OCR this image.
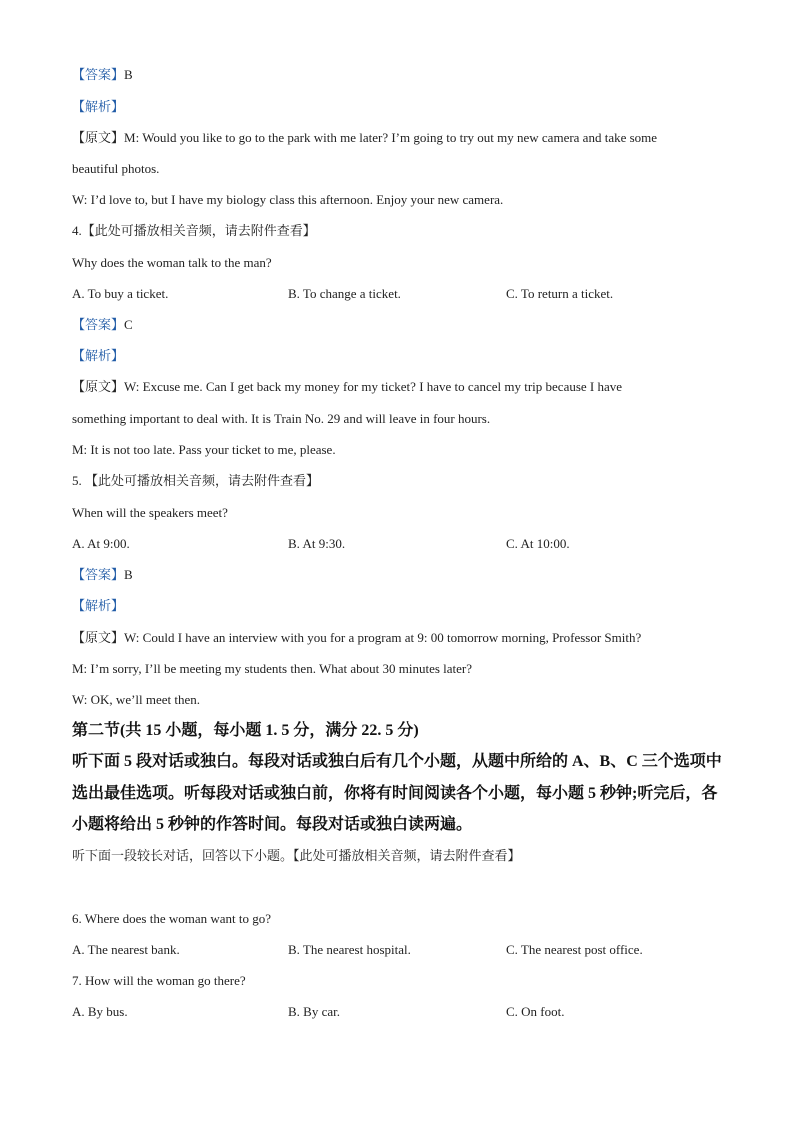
【答案】B
【解析】
【原文】M: Would you like to go to the park with me later? I’m going to try out my new camera and take some
beautiful photos.
W: I’d love to, but I have my biology class this afternoon. Enjoy your new camera.
4.【此处可播放相关音频，请去附件查看】
Why does the woman talk to the man?
A. To buy a ticket.	B. To change a ticket.	C. To return a ticket.
【答案】C
【解析】
【原文】W: Excuse me. Can I get back my money for my ticket? I have to cancel my trip because I have
something important to deal with. It is Train No. 29 and will leave in four hours.
M: It is not too late. Pass your ticket to me, please.
5. 【此处可播放相关音频，请去附件查看】
When will the speakers meet?
A. At 9:00.	B. At 9:30.	C. At 10:00.
【答案】B
【解析】
【原文】W: Could I have an interview with you for a program at 9: 00 tomorrow morning, Professor Smith?
M: I’m sorry, I’ll be meeting my students then. What about 30 minutes later?
W: OK, we’ll meet then.
第二节(共 15 小题，每小题 1. 5 分，满分 22. 5 分)
听下面 5 段对话或独白。每段对话或独白后有几个小题，从题中所给的 A、B、C 三个选项中
选出最佳选项。听每段对话或独白前，你将有时间阅读各个小题，每小题 5 秒钟;听完后，各
小题将给出 5 秒钟的作答时间。每段对话或独白读两遍。
听下面一段较长对话，回答以下小题。【此处可播放相关音频，请去附件查看】
6. Where does the woman want to go?
A. The nearest bank.	B. The nearest hospital.	C. The nearest post office.
7. How will the woman go there?
A. By bus.	B. By car.	C. On foot.
